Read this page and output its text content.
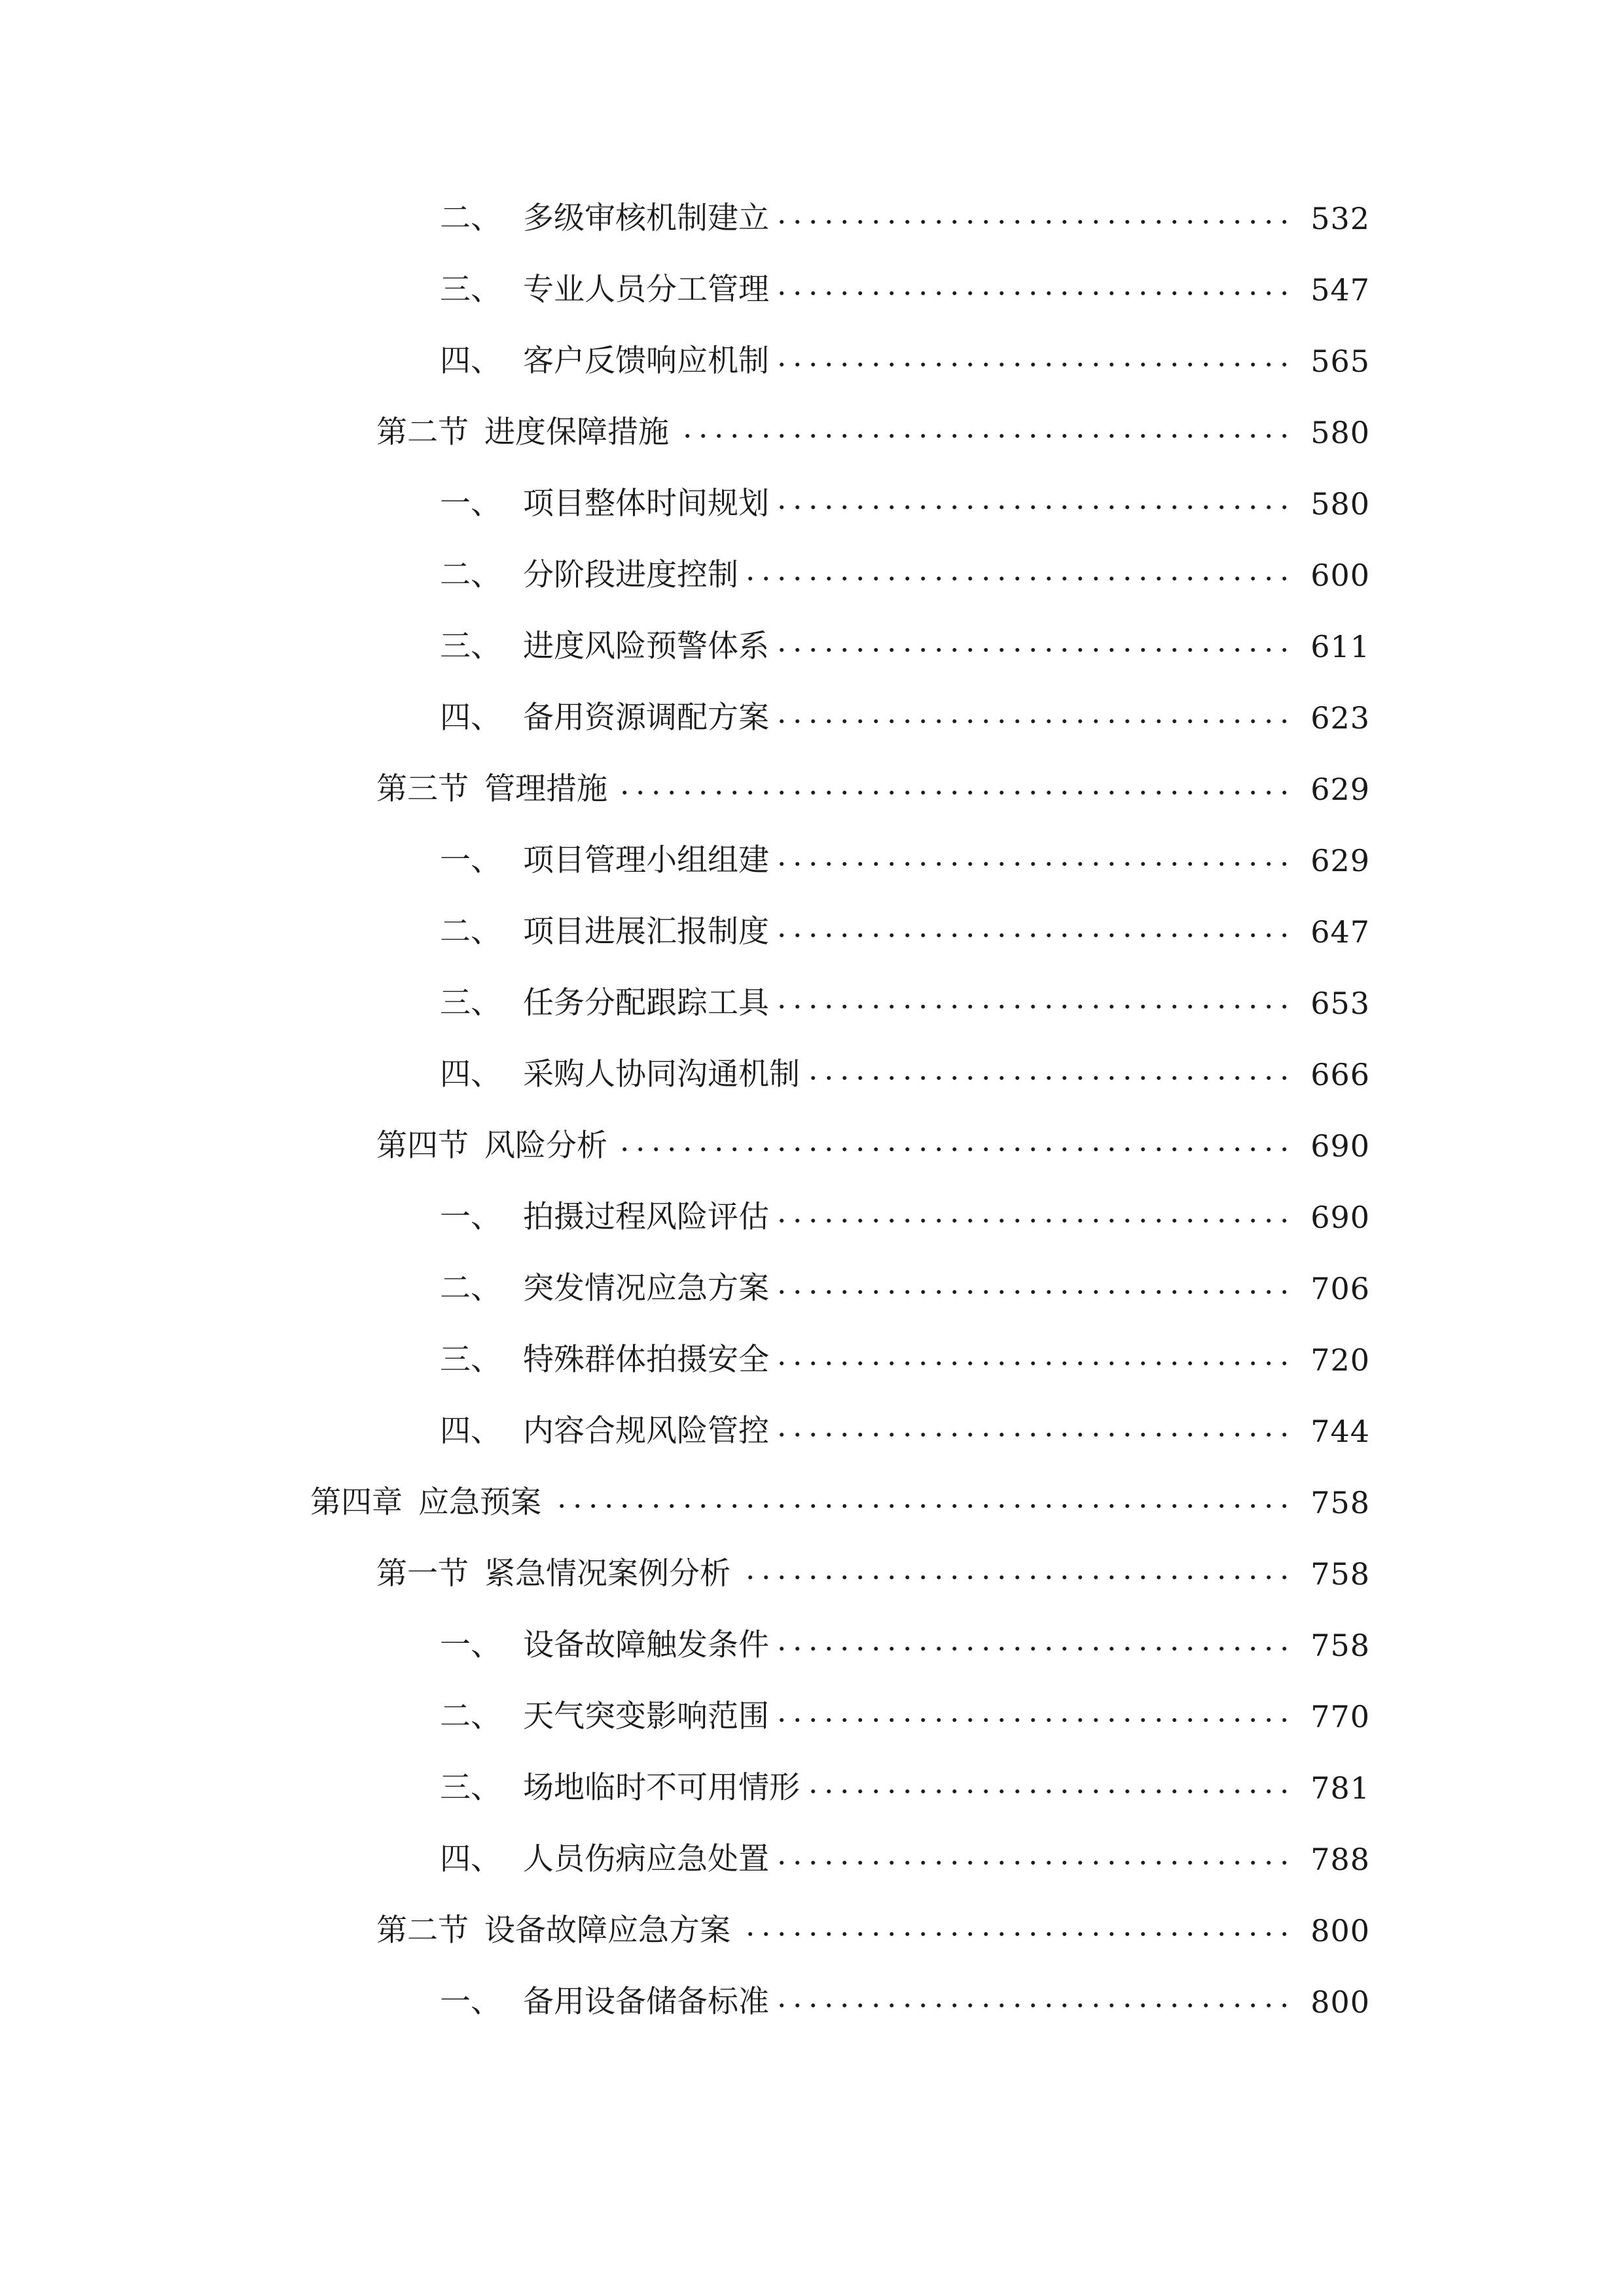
二、 多级审核机制建立	532
三、 专业人员分工管理	547
四、 客户反馈响应机制	565
第二节 进度保障措施	580
一、 项目整体时间规划	580
二、 分阶段进度控制	600
三、 进度风险预警体系	611
四、 备用资源调配方案	623
第三节 管理措施	629
一、 项目管理小组组建	629
二、 项目进展汇报制度	647
三、 任务分配跟踪工具	653
四、 采购人协同沟通机制	666
第四节 风险分析	690
一、 拍摄过程风险评估	690
二、 突发情况应急方案	706
三、 特殊群体拍摄安全	720
四、 内容合规风险管控	744
第四章 应急预案	758
第一节 紧急情况案例分析	758
一、 设备故障触发条件	758
二、 天气突变影响范围	770
三、 场地临时不可用情形	781
四、 人员伤病应急处置	788
第二节 设备故障应急方案	800
一、 备用设备储备标准	800
